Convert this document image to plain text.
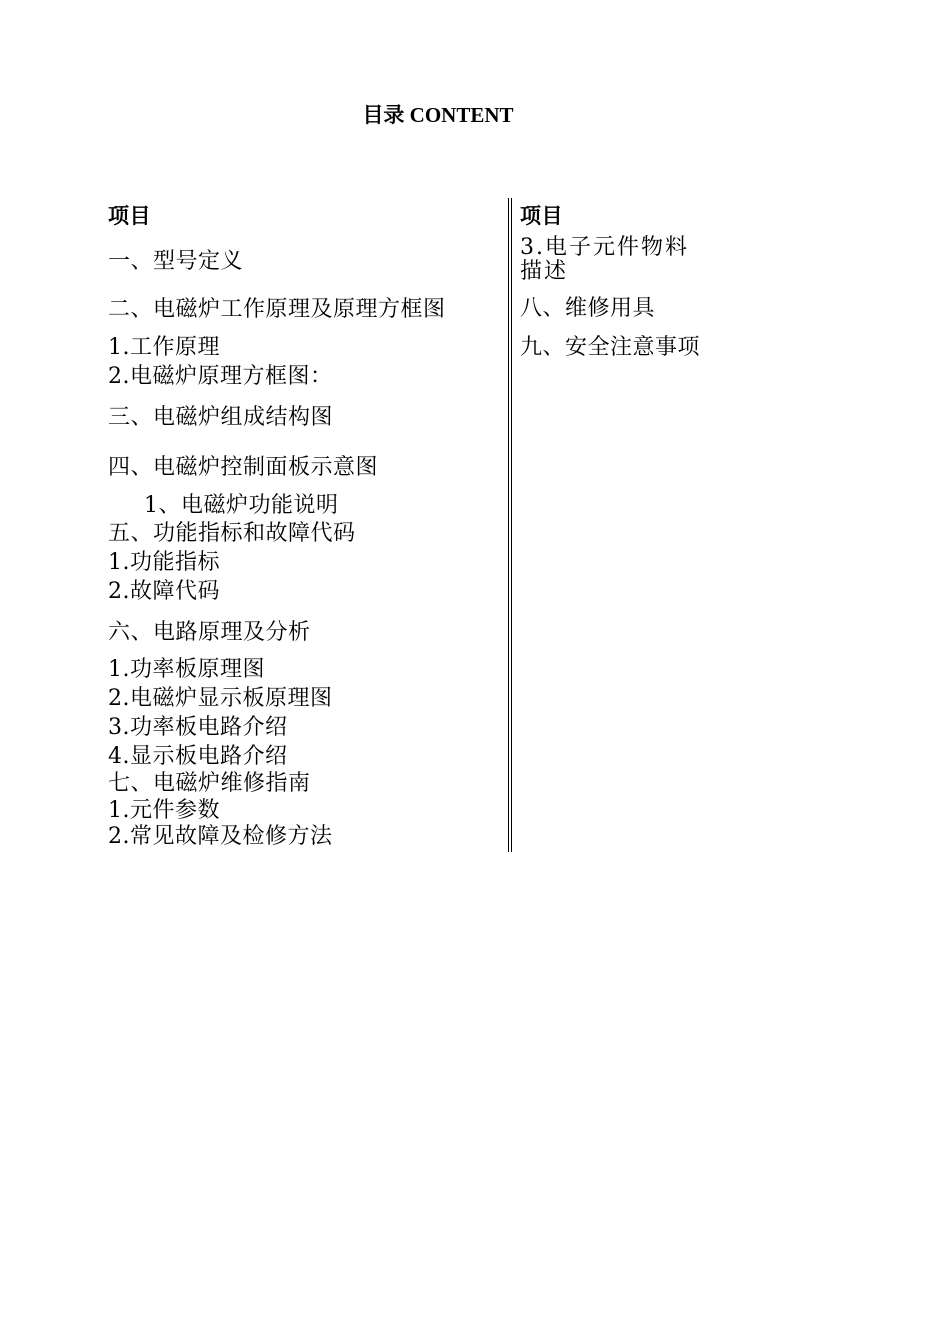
目录 CONTENT
项目
一、型号定义
二、电磁炉工作原理及原理方框图
1.工作原理
2.电磁炉原理方框图：
三、电磁炉组成结构图
四、电磁炉控制面板示意图
1、电磁炉功能说明
五、功能指标和故障代码
1.功能指标
2.故障代码
六、电路原理及分析
1.功率板原理图
2.电磁炉显示板原理图
3.功率板电路介绍
4.显示板电路介绍
七、电磁炉维修指南
1.元件参数
2.常见故障及检修方法
项目
3.电子元件物料描述
八、维修用具
九、安全注意事项
